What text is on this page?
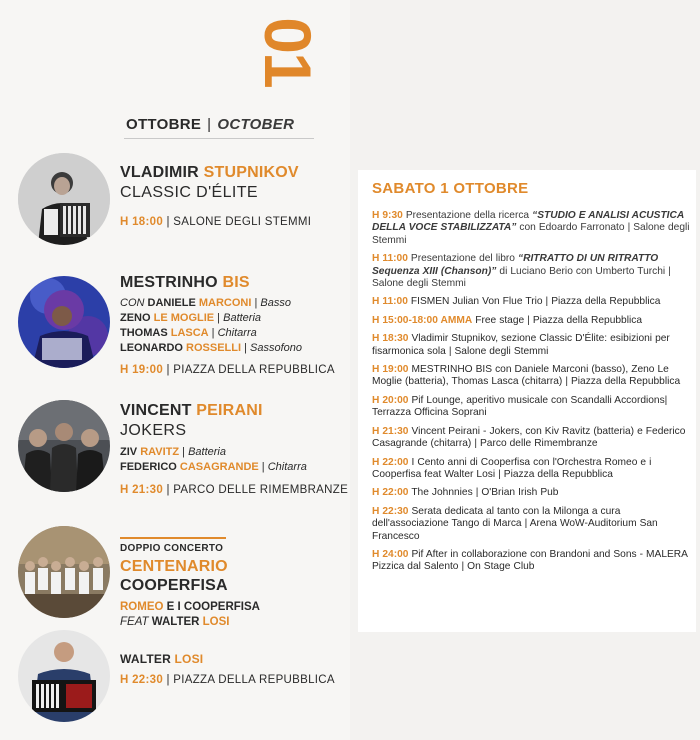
01
OTTOBRE | OCTOBER
VLADIMIR STUPNIKOV
CLASSIC D'ÉLITE
H 18:00 | SALONE DEGLI STEMMI
MESTRINHO BIS
CON DANIELE MARCONI | Basso
ZENO LE MOGLIE | Batteria
THOMAS LASCA | Chitarra
LEONARDO ROSSELLI | Sassofono
H 19:00 | PIAZZA DELLA REPUBBLICA
VINCENT PEIRANI
JOKERS
ZIV RAVITZ | Batteria
FEDERICO CASAGRANDE | Chitarra
H 21:30 | PARCO DELLE RIMEMBRANZE
DOPPIO CONCERTO
CENTENARIO
COOPERFISA
ROMEO E I COOPERFISA
FEAT WALTER LOSI
WALTER LOSI
H 22:30 | PIAZZA DELLA REPUBBLICA
SABATO 1 OTTOBRE
H 9:30 Presentazione della ricerca “STUDIO E ANALISI ACUSTICA DELLA VOCE STABILIZZATA” con Edoardo Farronato | Salone degli Stemmi
H 11:00 Presentazione del libro “RITRATTO DI UN RITRATTO Sequenza XIII (Chanson)” di Luciano Berio con Umberto Turchi | Salone degli Stemmi
H 11:00 FISMEN Julian Von Flue Trio | Piazza della Repubblica
H 15:00-18:00 AMMA Free stage | Piazza della Repubblica
H 18:30 Vladimir Stupnikov, sezione Classic D'Élite: esibizioni per fisarmonica sola | Salone degli Stemmi
H 19:00 MESTRINHO BIS con Daniele Marconi (basso), Zeno Le Moglie (batteria), Thomas Lasca (chitarra) | Piazza della Repubblica
H 20:00 Pif Lounge, aperitivo musicale con Scandalli Accordions| Terrazza Officina Soprani
H 21:30 Vincent Peirani - Jokers, con Kiv Ravitz (batteria) e Federico Casagrande (chitarra) | Parco delle Rimembranze
H 22:00 I Cento anni di Cooperfisa con l'Orchestra Romeo e i Cooperfisa feat Walter Losi | Piazza della Repubblica
H 22:00 The Johnnies | O'Brian Irish Pub
H 22:30 Serata dedicata al tanto con la Milonga a cura dell'associazione Tango di Marca | Arena WoW-Auditorium San Francesco
H 24:00 Pif After in collaborazione con Brandoni and Sons - MALERA Pizzica dal Salento | On Stage Club
